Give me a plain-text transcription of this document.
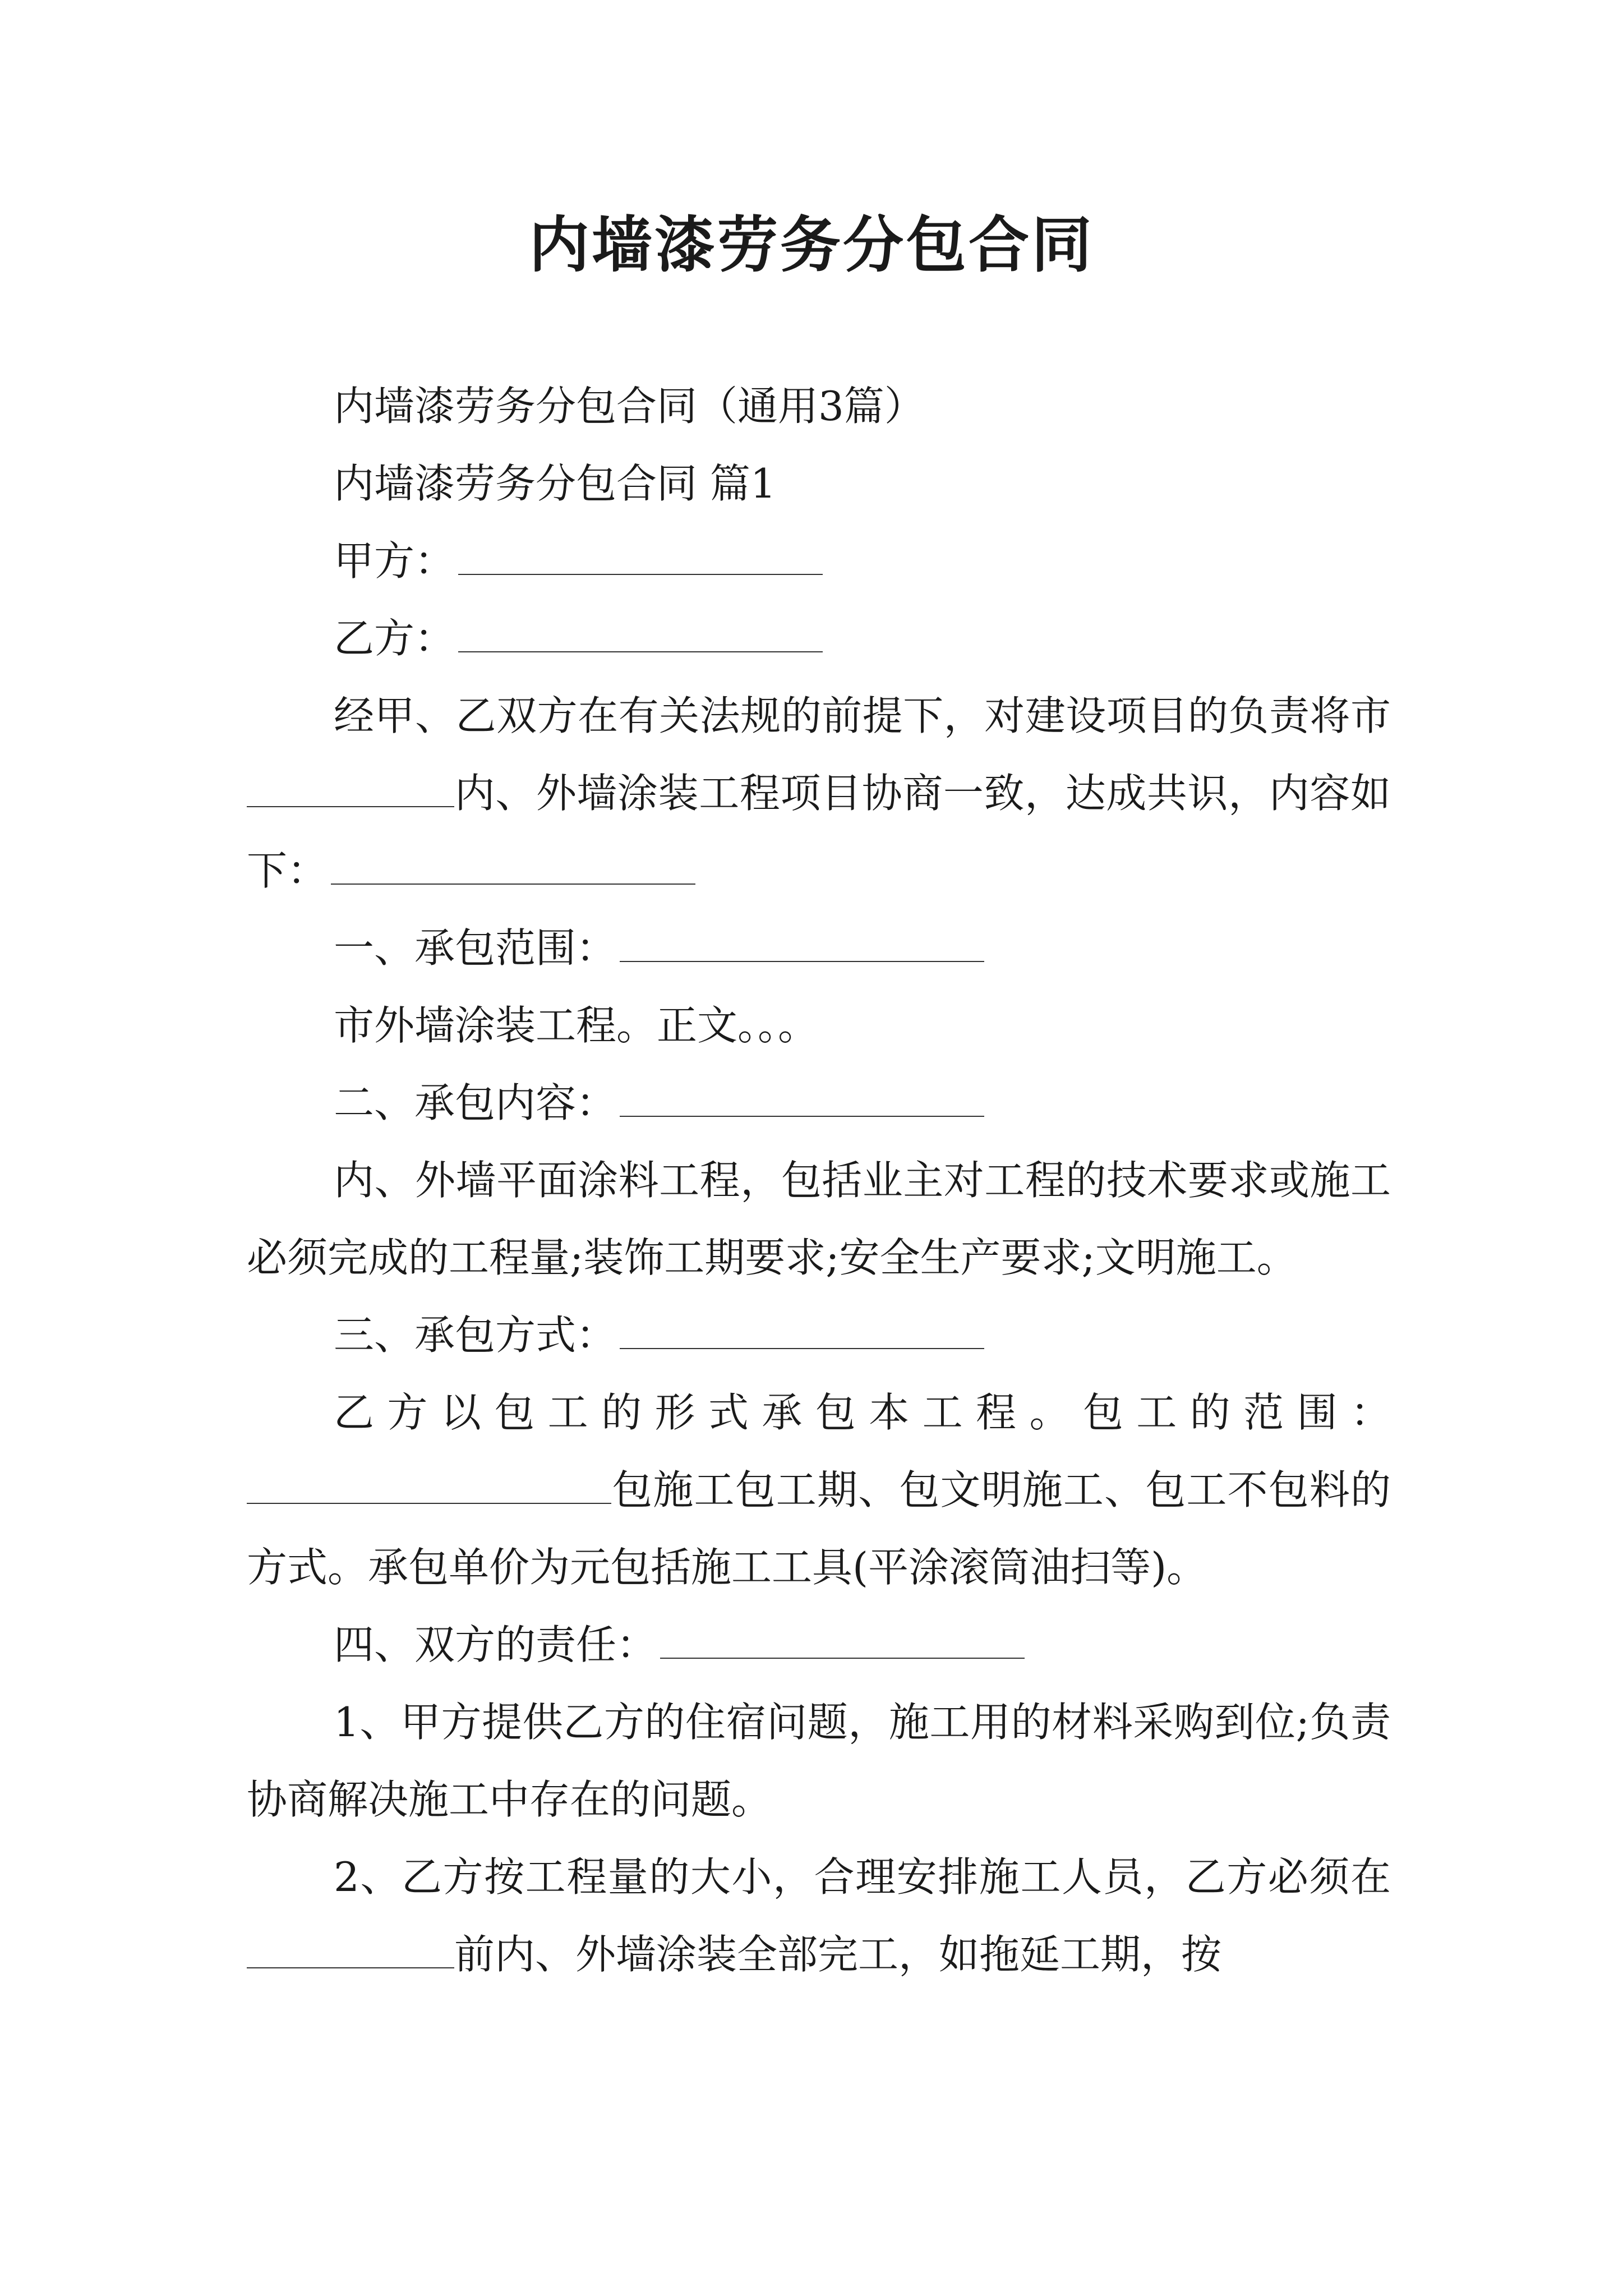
内墙漆劳务分包合同

内墙漆劳务分包合同（通用3篇）

内墙漆劳务分包合同 篇1

甲方：

乙方：

经甲、乙双方在有关法规的前提下，对建设项目的负责将市内、外墙涂装工程项目协商一致，达成共识，内容如下：

一、承包范围：

市外墙涂装工程。正文。。。

二、承包内容：

内、外墙平面涂料工程，包括业主对工程的技术要求或施工必须完成的工程量;装饰工期要求;安全生产要求;文明施工。

三、承包方式：

乙方以包工的形式承包本工程。包工的范围：包施工包工期、包文明施工、包工不包料的方式。承包单价为元包括施工工具(平涂滚筒油扫等)。

四、双方的责任：

1、甲方提供乙方的住宿问题，施工用的材料采购到位;负责协商解决施工中存在的问题。

2、乙方按工程量的大小，合理安排施工人员，乙方必须在前内、外墙涂装全部完工，如拖延工期，按
